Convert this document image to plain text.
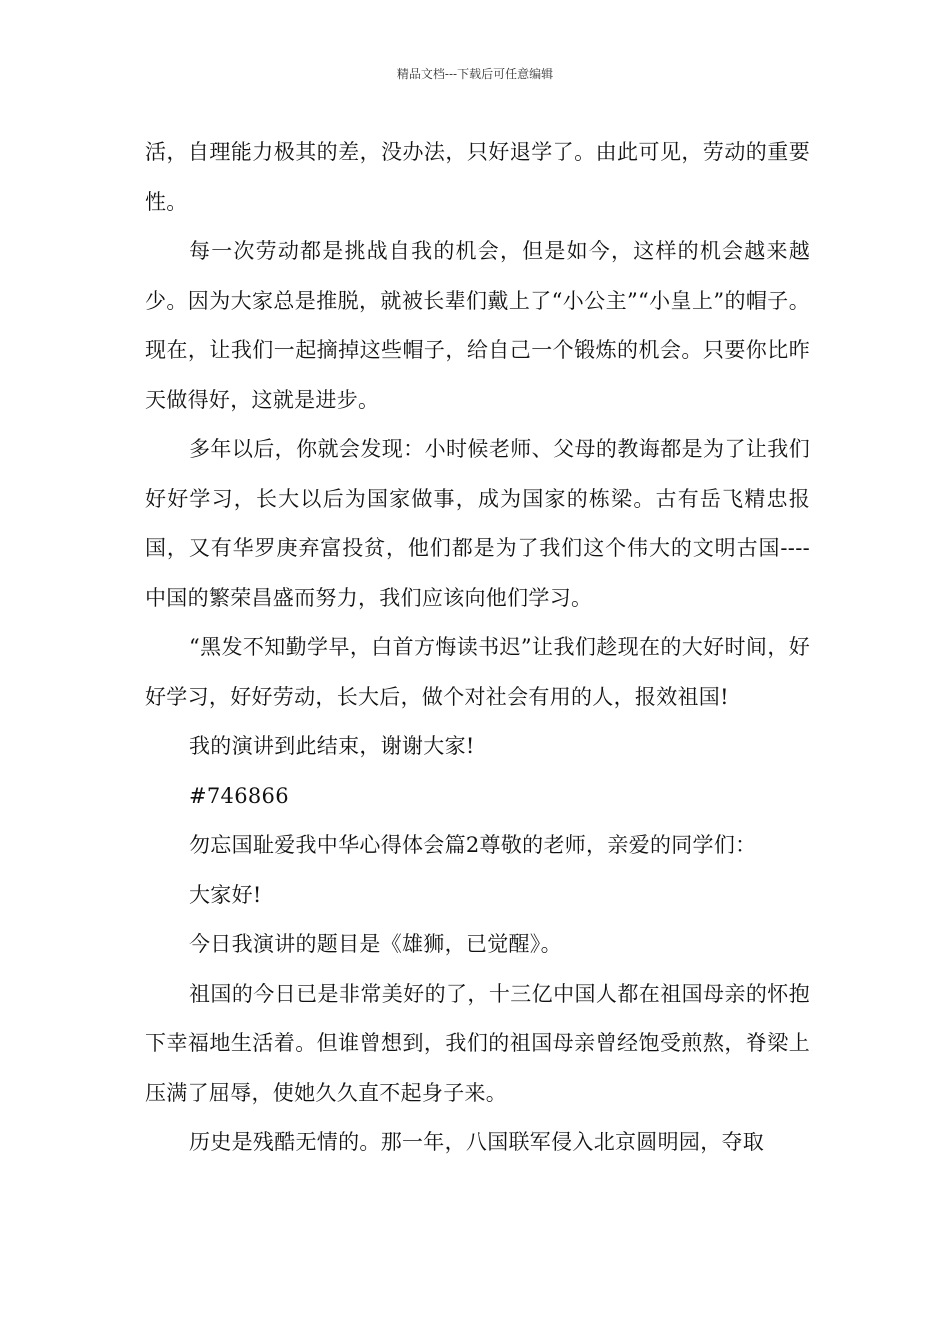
精品文档---下载后可任意编辑

活，自理能力极其的差，没办法，只好退学了。由此可见，劳动的重要性。

每一次劳动都是挑战自我的机会，但是如今，这样的机会越来越少。因为大家总是推脱，就被长辈们戴上了“小公主”“小皇上”的帽子。现在，让我们一起摘掉这些帽子，给自己一个锻炼的机会。只要你比昨天做得好，这就是进步。

多年以后，你就会发现：小时候老师、父母的教诲都是为了让我们好好学习，长大以后为国家做事，成为国家的栋梁。古有岳飞精忠报国，又有华罗庚弃富投贫，他们都是为了我们这个伟大的文明古国----中国的繁荣昌盛而努力，我们应该向他们学习。

“黑发不知勤学早，白首方悔读书迟”让我们趁现在的大好时间，好好学习，好好劳动，长大后，做个对社会有用的人，报效祖国!

我的演讲到此结束，谢谢大家!

#746866

勿忘国耻爱我中华心得体会篇2尊敬的老师，亲爱的同学们：

大家好!

今日我演讲的题目是《雄狮，已觉醒》。

祖国的今日已是非常美好的了，十三亿中国人都在祖国母亲的怀抱下幸福地生活着。但谁曾想到，我们的祖国母亲曾经饱受煎熬，脊梁上压满了屈辱，使她久久直不起身子来。

历史是残酷无情的。那一年，八国联军侵入北京圆明园，夺取
